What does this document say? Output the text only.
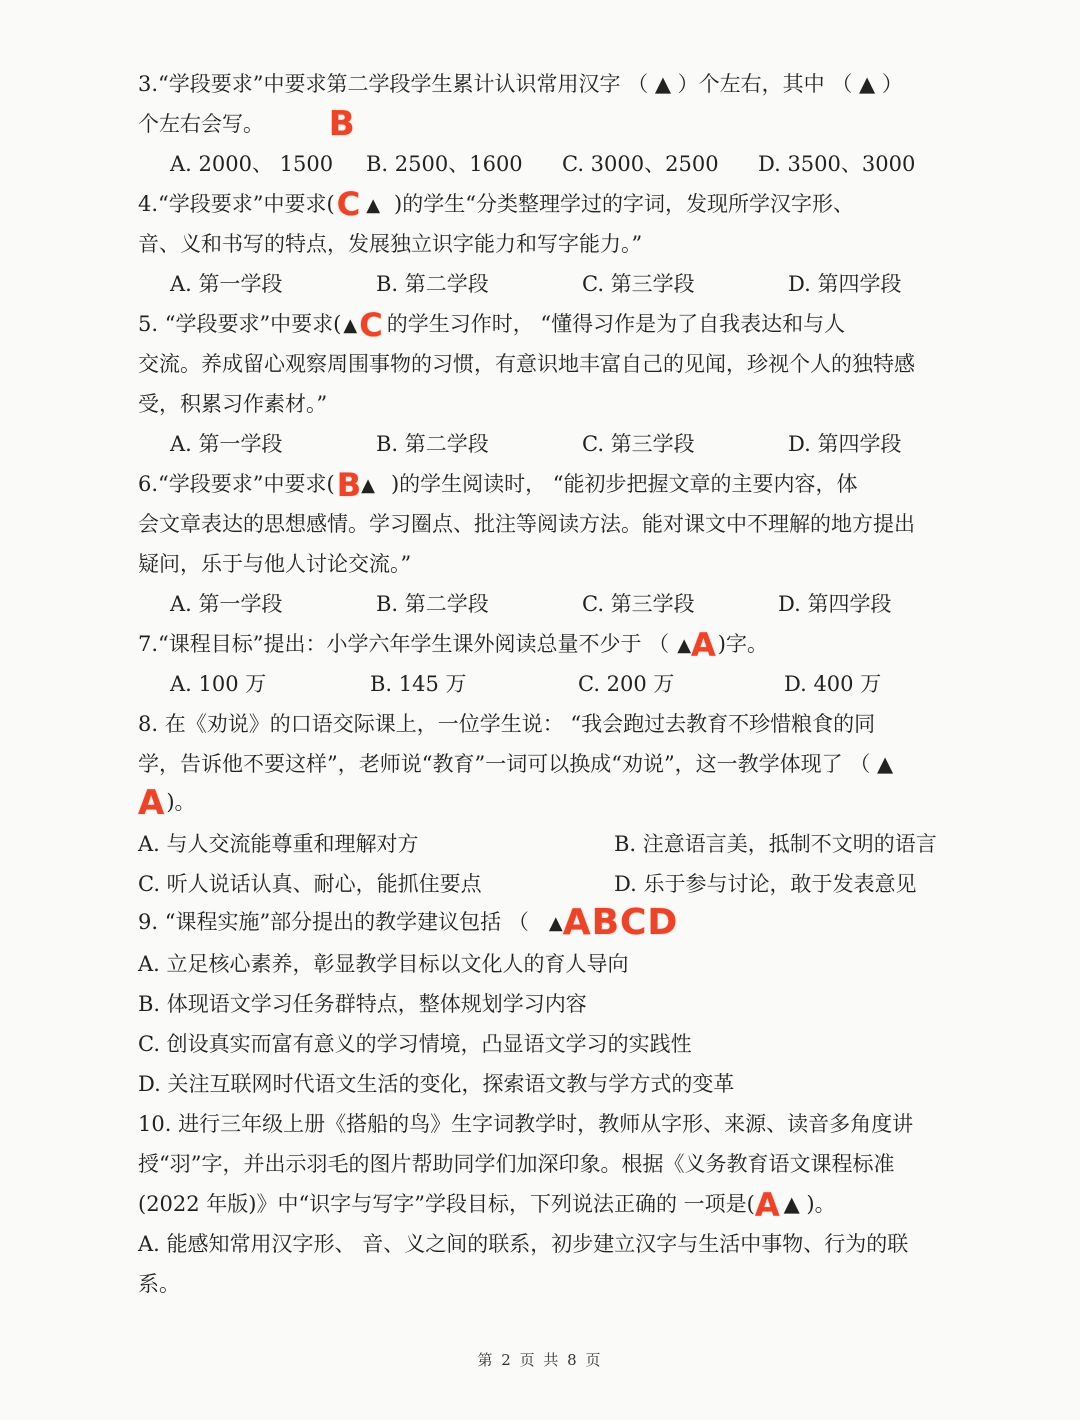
3.“学段要求”中要求第二学段学生累计认识常用汉字 （ ▲ ）个左右，其中 （ ▲ ）
个左右会写。 B
A. 2000、 1500 B. 2500、1600 C. 3000、2500 D. 3500、3000
4.“学段要求”中要求(C ▲ )的学生“分类整理学过的字词，发现所学汉字形、
音、义和书写的特点，发展独立识字能力和写字能力。”
A. 第一学段	B. 第二学段	C. 第三学段	D. 第四学段
5. “学段要求”中要求( ▲C 的学生习作时， “懂得习作是为了自我表达和与人
交流。养成留心观察周围事物的习惯，有意识地丰富自己的见闻，珍视个人的独特感
受，积累习作素材。”
A. 第一学段	B. 第二学段	C. 第三学段	D. 第四学段
6.“学段要求”中要求(B▲ )的学生阅读时， “能初步把握文章的主要内容，体
会文章表达的思想感情。学习圈点、批注等阅读方法。能对课文中不理解的地方提出
疑问，乐于与他人讨论交流。”
A. 第一学段	B. 第二学段	C. 第三学段	D. 第四学段
7.“课程目标”提出：小学六年学生课外阅读总量不少于 （ ▲A)字。
A. 100 万	B. 145 万	C. 200 万	D. 400 万
8. 在《劝说》的口语交际课上，一位学生说： “我会跑过去教育不珍惜粮食的同
学，告诉他不要这样”，老师说“教育”一词可以换成“劝说”，这一教学体现了 （ ▲
A)。
A. 与人交流能尊重和理解对方	B. 注意语言美，抵制不文明的语言
C. 听人说话认真、耐心，能抓住要点	D. 乐于参与讨论，敢于发表意见
9. “课程实施”部分提出的教学建议包括 （ ▲ABCD
A. 立足核心素养，彰显教学目标以文化人的育人导向
B. 体现语文学习任务群特点，整体规划学习内容
C. 创设真实而富有意义的学习情境，凸显语文学习的实践性
D. 关注互联网时代语文生活的变化，探索语文教与学方式的变革
10. 进行三年级上册《搭船的鸟》生字词教学时，教师从字形、来源、读音多角度讲
授“羽”字，并出示羽毛的图片帮助同学们加深印象。根据《义务教育语文课程标准
(2022 年版)》中“识字与写字”学段目标，下列说法正确的 一项是(A ▲ )。
A. 能感知常用汉字形、 音、义之间的联系，初步建立汉字与生活中事物、行为的联
系。
第 2 页 共 8 页
